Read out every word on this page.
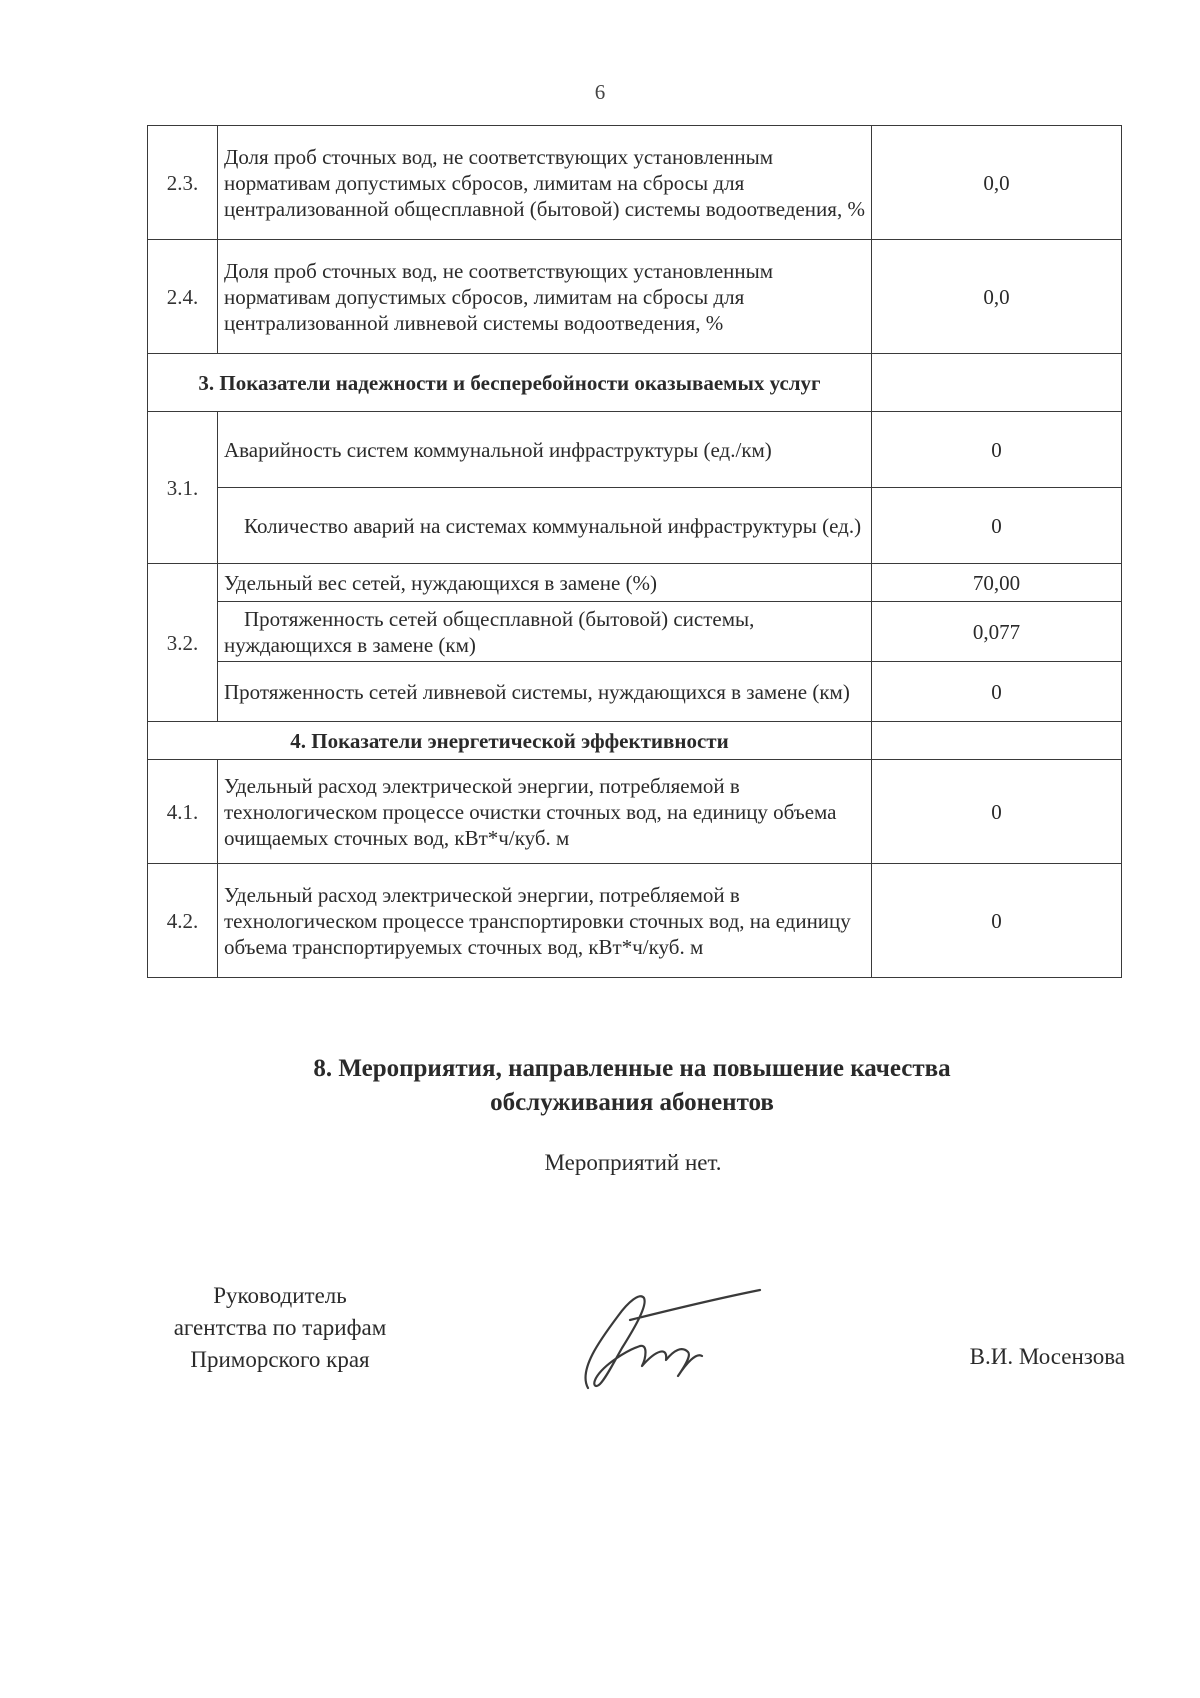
6
2.3.	Доля проб сточных вод, не соответствующих установленным нормативам допустимых сбросов, лимитам на сбросы для централизованной общесплавной (бытовой) системы водоотведения, %	0,0
2.4.	Доля проб сточных вод, не соответствующих установленным нормативам допустимых сбросов, лимитам на сбросы для централизованной ливневой системы водоотведения, %	0,0
3. Показатели надежности и бесперебойности оказываемых услуг		
3.1.	Аварийность систем коммунальной инфраструктуры (ед./км)	0
	Количество аварий на системах коммунальной инфраструктуры (ед.)	0
3.2.	Удельный вес сетей, нуждающихся в замене (%)	70,00
	Протяженность сетей общесплавной (бытовой) системы, нуждающихся в замене (км)	0,077
	Протяженность сетей ливневой системы, нуждающихся в замене (км)	0
4. Показатели энергетической эффективности		
4.1.	Удельный расход электрической энергии, потребляемой в технологическом процессе очистки сточных вод, на единицу объема очищаемых сточных вод, кВт*ч/куб. м	0
4.2.	Удельный расход электрической энергии, потребляемой в технологическом процессе транспортировки сточных вод, на единицу объема транспортируемых сточных вод, кВт*ч/куб. м	0
8. Мероприятия, направленные на повышение качества
обслуживания абонентов
Мероприятий нет.
Руководитель
агентства по тарифам
Приморского края	В.И. Мосензова
